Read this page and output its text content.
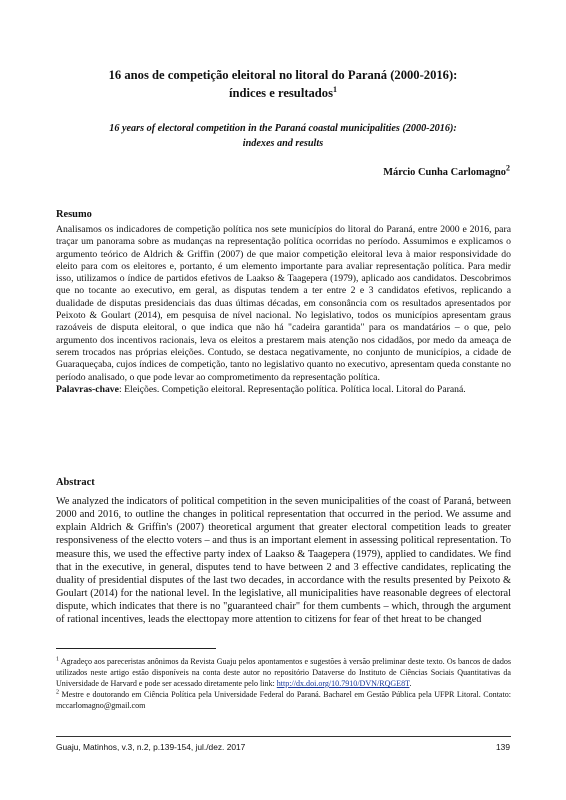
16 anos de competição eleitoral no litoral do Paraná (2000-2016):
índices e resultados$^1$
16 years of electoral competition in the Paraná coastal municipalities (2000-2016):
indexes and results
Márcio Cunha Carlomagno$^2$
Resumo
Analisamos os indicadores de competição política nos sete municípios do litoral do Paraná, entre 2000 e 2016, para traçar um panorama sobre as mudanças na representação política ocorridas no período. Assumimos e explicamos o argumento teórico de Aldrich & Griffin (2007) de que maior competição eleitoral leva à maior responsividade do eleito para com os eleitores e, portanto, é um elemento importante para avaliar representação política. Para medir isso, utilizamos o índice de partidos efetivos de Laakso & Taagepera (1979), aplicado aos candidatos. Descobrimos que no tocante ao executivo, em geral, as disputas tendem a ter entre 2 e 3 candidatos efetivos, replicando a dualidade de disputas presidenciais das duas últimas décadas, em consonância com os resultados apresentados por Peixoto & Goulart (2014), em pesquisa de nível nacional. No legislativo, todos os municípios apresentam graus razoáveis de disputa eleitoral, o que indica que não há "cadeira garantida" para os mandatários – o que, pelo argumento dos incentivos racionais, leva os eleitos a prestarem mais atenção nos cidadãos, por medo da ameaça de serem trocados nas próprias eleições. Contudo, se destaca negativamente, no conjunto de municípios, a cidade de Guaraqueçaba, cujos índices de competição, tanto no legislativo quanto no executivo, apresentam queda constante no período analisado, o que pode levar ao comprometimento da representação política.
Palavras-chave: Eleições. Competição eleitoral. Representação política. Política local. Litoral do Paraná.
Abstract
We analyzed the indicators of political competition in the seven municipalities of the coast of Paraná, between 2000 and 2016, to outline the changes in political representation that occurred in the period. We assume and explain Aldrich & Griffin's (2007) theoretical argument that greater electoral competition leads to greater responsiveness of the electto voters – and thus is an important element in assessing political representation. To measure this, we used the effective party index of Laakso & Taagepera (1979), applied to candidates. We find that in the executive, in general, disputes tend to have between 2 and 3 effective candidates, replicating the duality of presidential disputes of the last two decades, in accordance with the results presented by Peixoto & Goulart (2014) for the national level. In the legislative, all municipalities have reasonable degrees of electoral dispute, which indicates that there is no "guaranteed chair" for them cumbents – which, through the argument of rational incentives, leads the electtopay more attention to citizens for fear of thet hreat to be changed

$^1$ Agradeço aos pareceristas anônimos da Revista Guaju pelos apontamentos e sugestões à versão preliminar deste texto. Os bancos de dados utilizados neste artigo estão disponíveis na conta deste autor no repositório Dataverse do Instituto de Ciências Sociais Quantitativas da Universidade de Harvard e pode ser acessado diretamente pelo link: http://dx.doi.org/10.7910/DVN/RQGE8T.

$^2$ Mestre e doutorando em Ciência Política pela Universidade Federal do Paraná. Bacharel em Gestão Pública pela UFPR Litoral. Contato: mccarlomagno@gmail.com

Guaju, Matinhos, v.3, n.2, p.139-154, jul./dez. 2017	139
